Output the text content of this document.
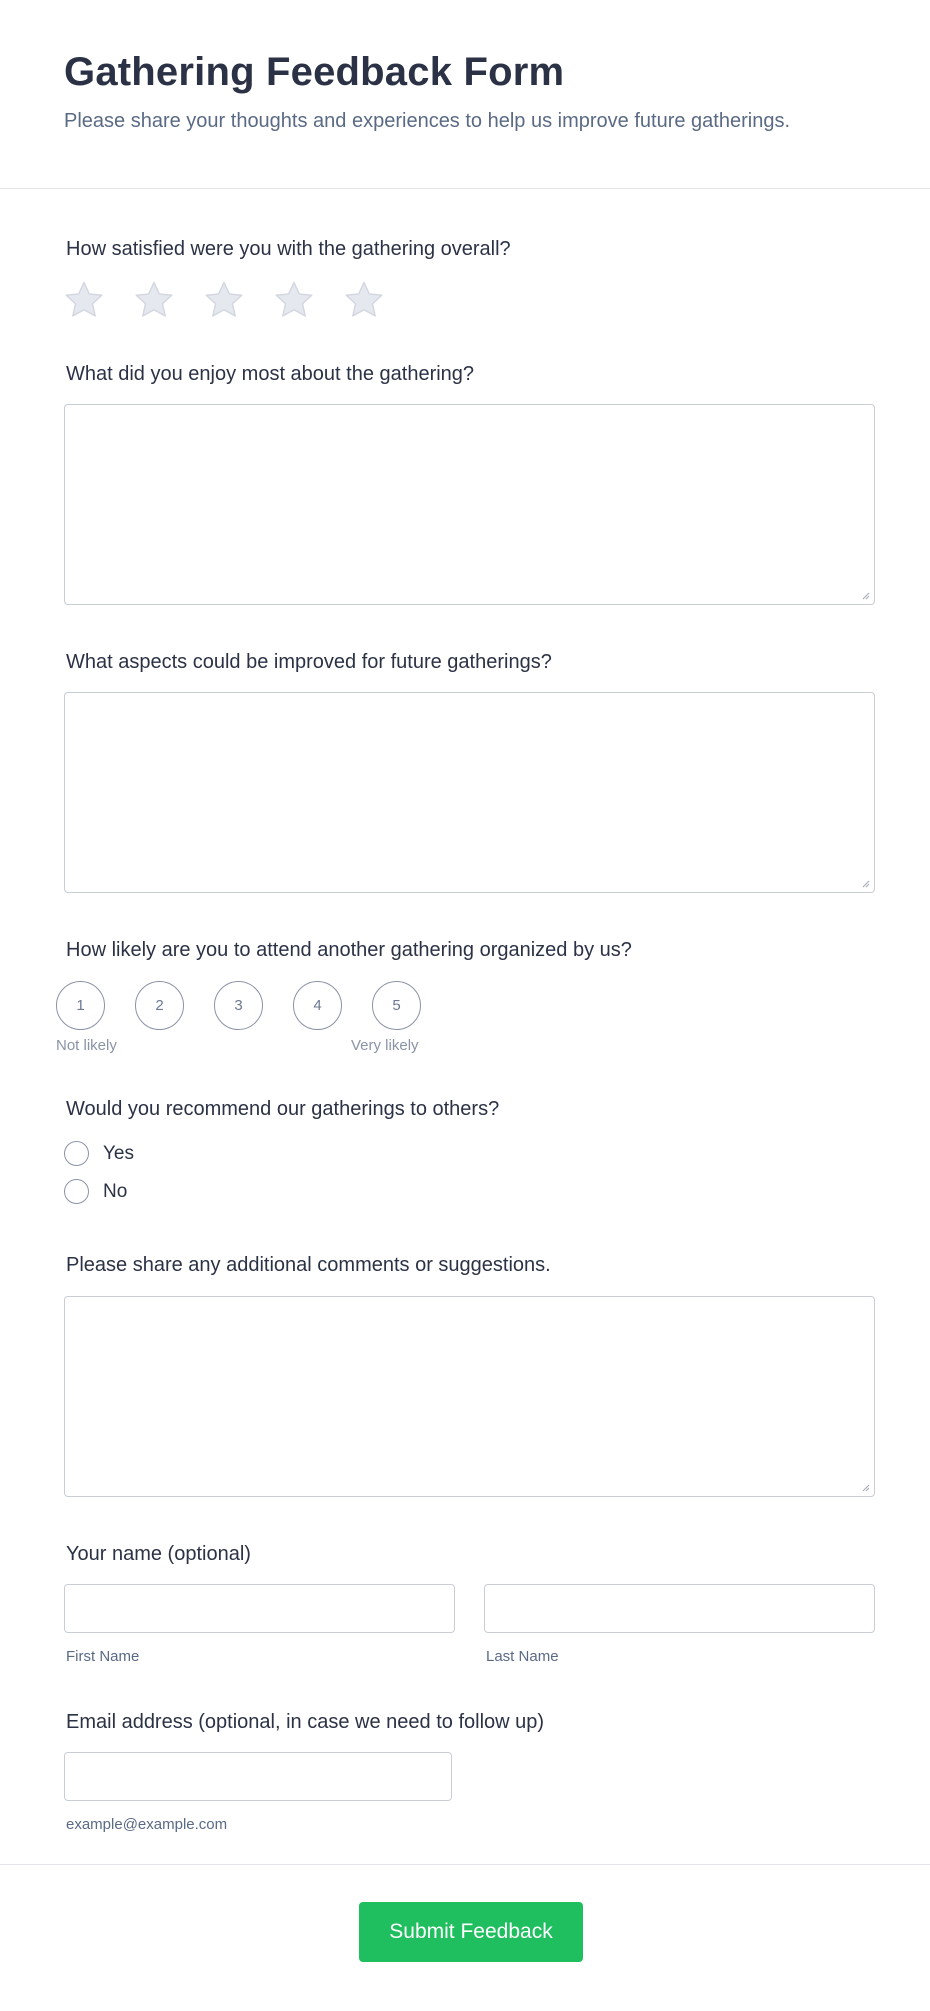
Gathering Feedback Form

Please share your thoughts and experiences to help us improve future gatherings.

How satisfied were you with the gathering overall?
What did you enjoy most about the gathering?
What aspects could be improved for future gatherings?
How likely are you to attend another gathering organized by us?
1	2	3	4	5
Not likely	Very likely
Would you recommend our gatherings to others?
Yes
No
Please share any additional comments or suggestions.
Your name (optional)
First Name	Last Name
Email address (optional, in case we need to follow up)
example@example.com
Submit Feedback
